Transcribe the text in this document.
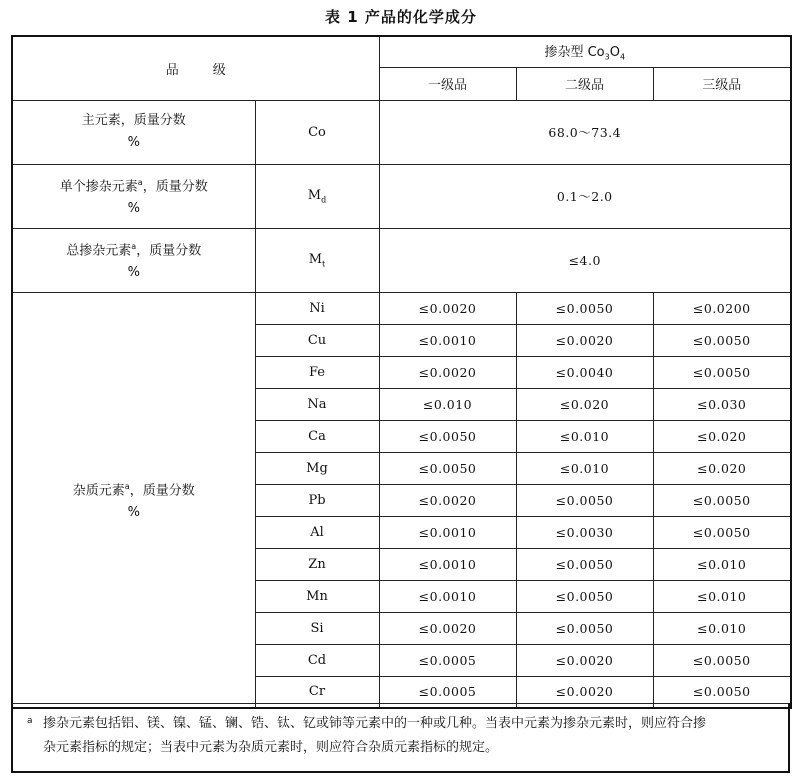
表 1 产品的化学成分
品 级		掺杂型 $Co_3O_4$
		一级品	二级品	三级品

主元素，质量分数
%	Co	68.0～73.4		

单个掺杂元素$^a$，质量分数
%	$M_d$	0.1～2.0		

总掺杂元素$^a$，质量分数
%	$M_t$	≤4.0		

杂质元素$^a$，质量分数
%	Ni	≤0.0020	≤0.0050	≤0.0200
	Cu	≤0.0010	≤0.0020	≤0.0050
	Fe	≤0.0020	≤0.0040	≤0.0050
	Na	≤0.010	≤0.020	≤0.030
	Ca	≤0.0050	≤0.010	≤0.020
	Mg	≤0.0050	≤0.010	≤0.020
	Pb	≤0.0020	≤0.0050	≤0.0050
	Al	≤0.0010	≤0.0030	≤0.0050
	Zn	≤0.0010	≤0.0050	≤0.010
	Mn	≤0.0010	≤0.0050	≤0.010
	Si	≤0.0020	≤0.0050	≤0.010
	Cd	≤0.0005	≤0.0020	≤0.0050
	Cr	≤0.0005	≤0.0020	≤0.0050
a 掺杂元素包括铝、镁、镍、锰、镧、锆、钛、钇或铈等元素中的一种或几种。当表中元素为掺杂元素时，则应符合掺
杂元素指标的规定；当表中元素为杂质元素时，则应符合杂质元素指标的规定。
